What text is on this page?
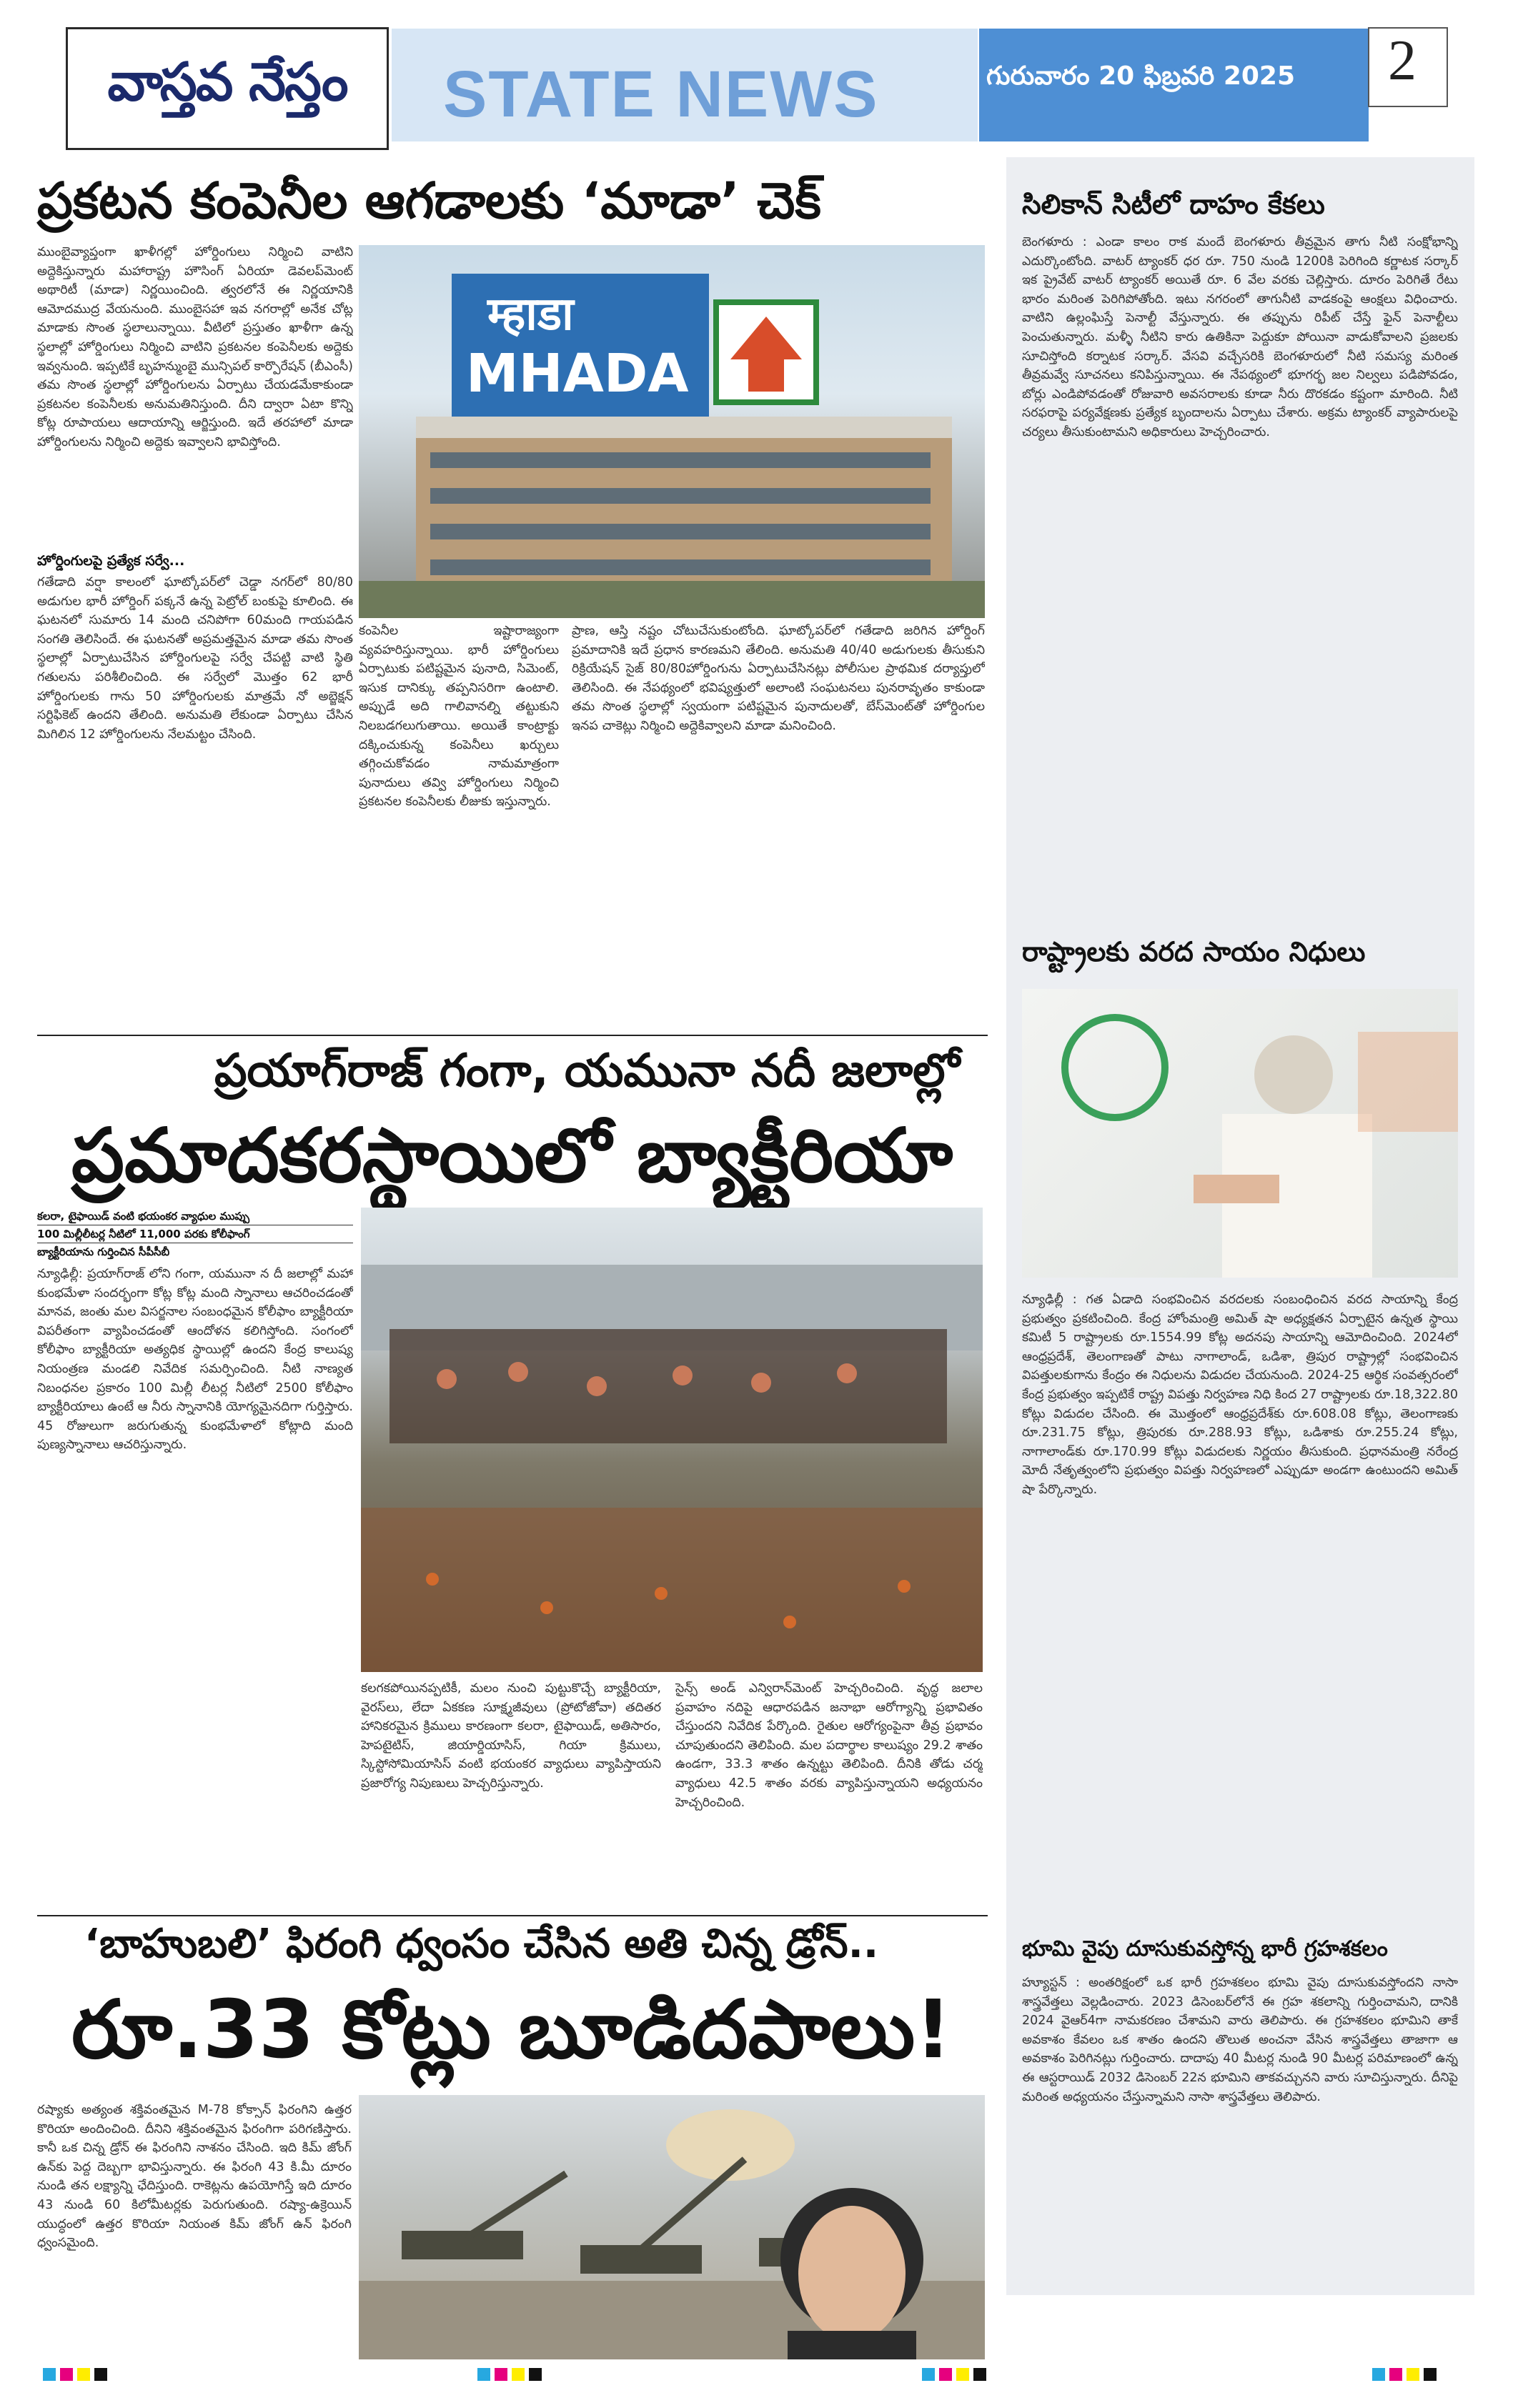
వాస్తవ నేస్తం STATE NEWS	గురువారం 20 ఫిబ్రవరి 2025 2
ప్రకటన కంపెనీల ఆగడాలకు ‘మాడా’ చెక్
ముంబైవ్యాప్తంగా ఖాళీగల్లో హోర్డింగులు నిర్మించి వాటిని అద్దెకిస్తున్నారు మహారాష్ట్ర హౌసింగ్ ఏరియా డెవలప్‌మెంట్ అథారిటీ (మాడా) నిర్ణయించింది. త్వరలోనే ఈ నిర్ణయానికి ఆమోదముద్ర వేయనుంది. ముంబైసహా ఇవ నగరాల్లో అనేక చోట్ల మాడాకు సొంత స్థలాలున్నాయి. వీటిలో ప్రస్తుతం ఖాళీగా ఉన్న స్థలాల్లో హోర్డింగులు నిర్మించి వాటిని ప్రకటనల కంపెనీలకు అద్దెకు ఇవ్వనుంది. ఇప్పటికే బృహన్ముంబై మున్సిపల్ కార్పొరేషన్ (బీఎంసీ) తమ సొంత స్థలాల్లో హోర్డింగులను ఏర్పాటు చేయడమేకాకుండా ప్రకటనల కంపెనీలకు అనుమతినిస్తుంది. దీని ద్వారా ఏటా కొన్ని కోట్ల రూపాయలు ఆదాయాన్ని ఆర్జిస్తుంది. ఇదే తరహాలో మాడా హోర్డింగులను నిర్మించి అద్దెకు ఇవ్వాలని భావిస్తోంది.
హోర్డింగులపై ప్రత్యేక సర్వే...
గతేడాది వర్షా కాలంలో ఘాట్కోపర్‌లో చెడ్డా నగర్‌లో 80/80 అడుగుల భారీ హోర్డింగ్ పక్కనే ఉన్న పెట్రోల్ బంకుపై కూలింది. ఈ ఘటనలో సుమారు 14 మంది చనిపోగా 60మంది గాయపడిన సంగతి తెలిసిందే. ఈ ఘటనతో అప్రమత్తమైన మాడా తమ సొంత స్థలాల్లో ఏర్పాటుచేసిన హోర్డింగులపై సర్వే చేపట్టి వాటి స్థితి గతులను పరిశీలించింది. ఈ సర్వేలో మొత్తం 62 భారీ హోర్డింగులకు గాను 50 హోర్డింగులకు మాత్రమే నో అబ్జెక్షన్ సర్టిఫికెట్ ఉందని తేలింది. అనుమతి లేకుండా ఏర్పాటు చేసిన మిగిలిన 12 హోర్డింగులను నేలమట్టం చేసింది.
म्हाडा
MHADA
కంపెనీల ఇష్టారాజ్యంగా వ్యవహరిస్తున్నాయి. భారీ హోర్డింగులు ఏర్పాటుకు పటిష్టమైన పునాది, సిమెంట్, ఇసుక దానిక్కు తప్పనిసరిగా ఉంటాలి. అప్పుడే అది గాలివానల్ని తట్టుకుని నిలబడగలుగుతాయి. అయితే కాంట్రాక్టు దక్కించుకున్న కంపెనీలు ఖర్చులు తగ్గించుకోవడం నామమాత్రంగా పునాదులు తవ్వి హోర్డింగులు నిర్మించి ప్రకటనల కంపెనీలకు లీజుకు ఇస్తున్నారు.
ప్రాణ, ఆస్తి నష్టం చోటుచేసుకుంటోంది. ఘాట్కోపర్‌లో గతేడాది జరిగిన హోర్డింగ్ ప్రమాదానికి ఇదే ప్రధాన కారణమని తేలింది. అనుమతి 40/40 అడుగులకు తీసుకుని రిక్రియేషన్ సైజ్ 80/80హోర్డింగును ఏర్పాటుచేసినట్లు పోలీసుల ప్రాథమిక దర్యాప్తులో తెలిసింది. ఈ నేపథ్యంలో భవిష్యత్తులో అలాంటి సంఘటనలు పునరావృతం కాకుండా తమ సొంత స్థలాల్లో స్వయంగా పటిష్టమైన పునాదులతో, బేస్‌మెంట్‌తో హోర్డింగుల ఇనప చాకెట్లు నిర్మించి అద్దెకివ్వాలని మాడా మనించింది.
ప్రయాగ్‌రాజ్ గంగా, యమునా నదీ జలాల్లో
ప్రమాదకరస్థాయిలో బ్యాక్టీరియా
కలరా, టైఫాయిడ్ వంటి భయంకర వ్యాధుల ముప్పు
100 మిల్లీలీటర్ల నీటిలో 11,000 పరకు కోలీఫాంగ్
బ్యాక్టీరియాను గుర్తించిన సీపీసీబీ
న్యూఢిల్లీ: ప్రయాగ్‌రాజ్ లోని గంగా, యమునా న దీ జలాల్లో మహా కుంభమేళా సందర్భంగా కోట్ల కోట్ల మంది స్నానాలు ఆచరించడంతో మానవ, జంతు మల విసర్జనాల సంబంధమైన కోలీఫాం బ్యాక్టీరియా విపరీతంగా వ్యాపించడంతో ఆందోళన కలిగిస్తోంది. సంగంలో కోలీఫాం బ్యాక్టీరియా అత్యధిక స్థాయిల్లో ఉందని కేంద్ర కాలుష్య నియంత్రణ మండలి నివేదిక సమర్పించింది. నీటి నాణ్యత నిబంధనల ప్రకారం 100 మిల్లీ లీటర్ల నీటిలో 2500 కోలీఫాం బ్యాక్టీరియాలు ఉంటే ఆ నీరు స్నానానికి యోగ్యమైనదిగా గుర్తిస్తారు. 45 రోజులుగా జరుగుతున్న కుంభమేళాలో కోట్లాది మంది పుణ్యస్నానాలు ఆచరిస్తున్నారు.
కలగకపోయినప్పటికీ, మలం నుంచి పుట్టుకొచ్చే బ్యాక్టీరియా, వైరస్‌లు, లేదా ఏకకణ సూక్ష్మజీవులు (ప్రోటోజోవా) తదితర హానికరమైన క్రిములు కారణంగా కలరా, టైఫాయిడ్, అతిసారం, హెపటైటిస్, జియార్డియాసిస్, గియా క్రిములు, స్కిస్టోసోమియాసిస్ వంటి భయంకర వ్యాధులు వ్యాపిస్తాయని ప్రజారోగ్య నిపుణులు హెచ్చరిస్తున్నారు.
సైన్స్ అండ్ ఎన్విరాన్‌మెంట్ హెచ్చరించింది. వృద్ధ జలాల ప్రవాహం నదిపై ఆధారపడిన జనాభా ఆరోగ్యాన్ని ప్రభావితం చేస్తుందని నివేదిక పేర్కొంది. రైతుల ఆరోగ్యంపైనా తీవ్ర ప్రభావం చూపుతుందని తెలిపింది. మల పదార్థాల కాలుష్యం 29.2 శాతం ఉండగా, 33.3 శాతం ఉన్నట్టు తెలిపింది. దీనికి తోడు చర్మ వ్యాధులు 42.5 శాతం వరకు వ్యాపిస్తున్నాయని అధ్యయనం హెచ్చరించింది.
‘బాహుబలి’ ఫిరంగి ధ్వంసం చేసిన అతి చిన్న డ్రోన్..
రూ.33 కోట్లు బూడిదపాలు!
రష్యాకు అత్యంత శక్తివంతమైన M-78 కోక్సాన్ ఫిరంగిని ఉత్తర కొరియా అందించింది. దీనిని శక్తివంతమైన ఫిరంగిగా పరిగణిస్తారు. కానీ ఒక చిన్న డ్రోన్ ఈ ఫిరంగిని నాశనం చేసింది. ఇది కిమ్ జోంగ్ ఉన్‌కు పెద్ద దెబ్బగా భావిస్తున్నారు. ఈ ఫిరంగి 43 కి.మీ దూరం నుండి తన లక్ష్యాన్ని ఛేదిస్తుంది. రాకెట్లను ఉపయోగిస్తే ఇది దూరం 43 నుండి 60 కిలోమీటర్లకు పెరుగుతుంది. రష్యా-ఉక్రెయిన్ యుద్ధంలో ఉత్తర కొరియా నియంత కిమ్ జోంగ్ ఉన్ ఫిరంగి ధ్వంసమైంది.
సిలికాన్ సిటీలో దాహం కేకలు
బెంగళూరు : ఎండా కాలం రాక మందే బెంగళూరు తీవ్రమైన తాగు నీటి సంక్షోభాన్ని ఎదుర్కొంటోంది. వాటర్ ట్యాంకర్ ధర రూ. 750 నుండి 1200కి పెరిగింది కర్ణాటక సర్కార్ ఇక ప్రైవేట్ వాటర్ ట్యాంకర్ అయితే రూ. 6 వేల వరకు చెల్లిస్తారు. దూరం పెరిగితే రేటు భారం మరింత పెరిగిపోతోంది. ఇటు నగరంలో తాగునీటి వాడకంపై ఆంక్షలు విధించారు. వాటిని ఉల్లంఘిస్తే పెనాల్టీ వేస్తున్నారు. ఈ తప్పును రిపీట్ చేస్తే ఫైన్ పెనాల్టీలు పెంచుతున్నారు. మళ్ళీ నీటిని కారు ఉతికినా పెద్దుకూ పోయినా వాడుకోవాలని ప్రజలకు సూచిస్తోంది కర్నాటక సర్కార్. వేసవి వచ్చేసరికి బెంగళూరులో నీటి సమస్య మరింత తీవ్రమవ్వే సూచనలు కనిపిస్తున్నాయి. ఈ నేపథ్యంలో భూగర్భ జల నిల్వలు పడిపోవడం, బోర్లు ఎండిపోవడంతో రోజువారి అవసరాలకు కూడా నీరు దొరకడం కష్టంగా మారింది. నీటి సరఫరాపై పర్యవేక్షణకు ప్రత్యేక బృందాలను ఏర్పాటు చేశారు. అక్రమ ట్యాంకర్ వ్యాపారులపై చర్యలు తీసుకుంటామని అధికారులు హెచ్చరించారు.
రాష్ట్రాలకు వరద సాయం నిధులు
న్యూఢిల్లీ : గత ఏడాది సంభవించిన వరదలకు సంబంధించిన వరద సాయాన్ని కేంద్ర ప్రభుత్వం ప్రకటించింది. కేంద్ర హోంమంత్రి అమిత్ షా అధ్యక్షతన ఏర్పాటైన ఉన్నత స్థాయి కమిటీ 5 రాష్ట్రాలకు రూ.1554.99 కోట్ల అదనపు సాయాన్ని ఆమోదించింది. 2024లో ఆంధ్రప్రదేశ్, తెలంగాణతో పాటు నాగాలాండ్, ఒడిశా, త్రిపుర రాష్ట్రాల్లో సంభవించిన విపత్తులకుగాను కేంద్రం ఈ నిధులను విడుదల చేయనుంది. 2024-25 ఆర్థిక సంవత్సరంలో కేంద్ర ప్రభుత్వం ఇప్పటికే రాష్ట్ర విపత్తు నిర్వహణ నిధి కింద 27 రాష్ట్రాలకు రూ.18,322.80 కోట్లు విడుదల చేసింది. ఈ మొత్తంలో ఆంధ్రప్రదేశ్‌కు రూ.608.08 కోట్లు, తెలంగాణకు రూ.231.75 కోట్లు, త్రిపురకు రూ.288.93 కోట్లు, ఒడిశాకు రూ.255.24 కోట్లు, నాగాలాండ్‌కు రూ.170.99 కోట్లు విడుదలకు నిర్ణయం తీసుకుంది. ప్రధానమంత్రి నరేంద్ర మోదీ నేతృత్వంలోని ప్రభుత్వం విపత్తు నిర్వహణలో ఎప్పుడూ అండగా ఉంటుందని అమిత్ షా పేర్కొన్నారు.
భూమి వైపు దూసుకువస్తోన్న భారీ గ్రహశకలం
హ్యూస్టన్ : అంతరిక్షంలో ఒక భారీ గ్రహశకలం భూమి వైపు దూసుకువస్తోందని నాసా శాస్త్రవేత్తలు వెల్లడించారు. 2023 డిసెంబర్‌లోనే ఈ గ్రహ శకలాన్ని గుర్తించామని, దానికి 2024 వైఆర్4గా నామకరణం చేశామని వారు తెలిపారు. ఈ గ్రహశకలం భూమిని తాకే అవకాశం కేవలం ఒక శాతం ఉందని తొలుత అంచనా వేసిన శాస్త్రవేత్తలు తాజాగా ఆ అవకాశం పెరిగినట్లు గుర్తించారు. దాదాపు 40 మీటర్ల నుండి 90 మీటర్ల పరిమాణంలో ఉన్న ఈ ఆస్టరాయిడ్ 2032 డిసెంబర్ 22న భూమిని తాకవచ్చునని వారు సూచిస్తున్నారు. దీనిపై మరింత అధ్యయనం చేస్తున్నామని నాసా శాస్త్రవేత్తలు తెలిపారు.
